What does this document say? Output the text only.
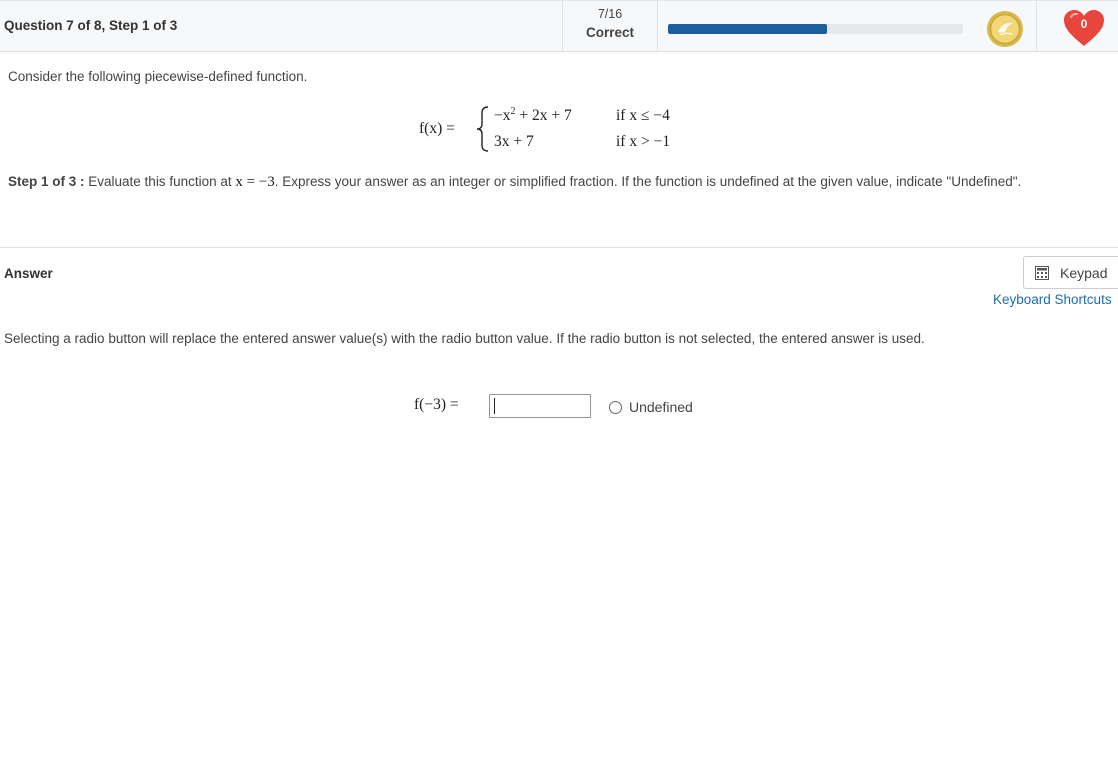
Question 7 of 8, Step 1 of 3
7/16
Correct
0
Consider the following piecewise-defined function.
f(x) =
$-x^2 + 2x + 7$	if x ≤ −4
3x + 7	if x > −1
Step 1 of 3 : Evaluate this function at x = −3. Express your answer as an integer or simplified fraction. If the function is undefined at the given value, indicate "Undefined".
Answer	Keypad
Keyboard Shortcuts
Selecting a radio button will replace the entered answer value(s) with the radio button value. If the radio button is not selected, the entered answer is used.
f(−3) =	Undefined
